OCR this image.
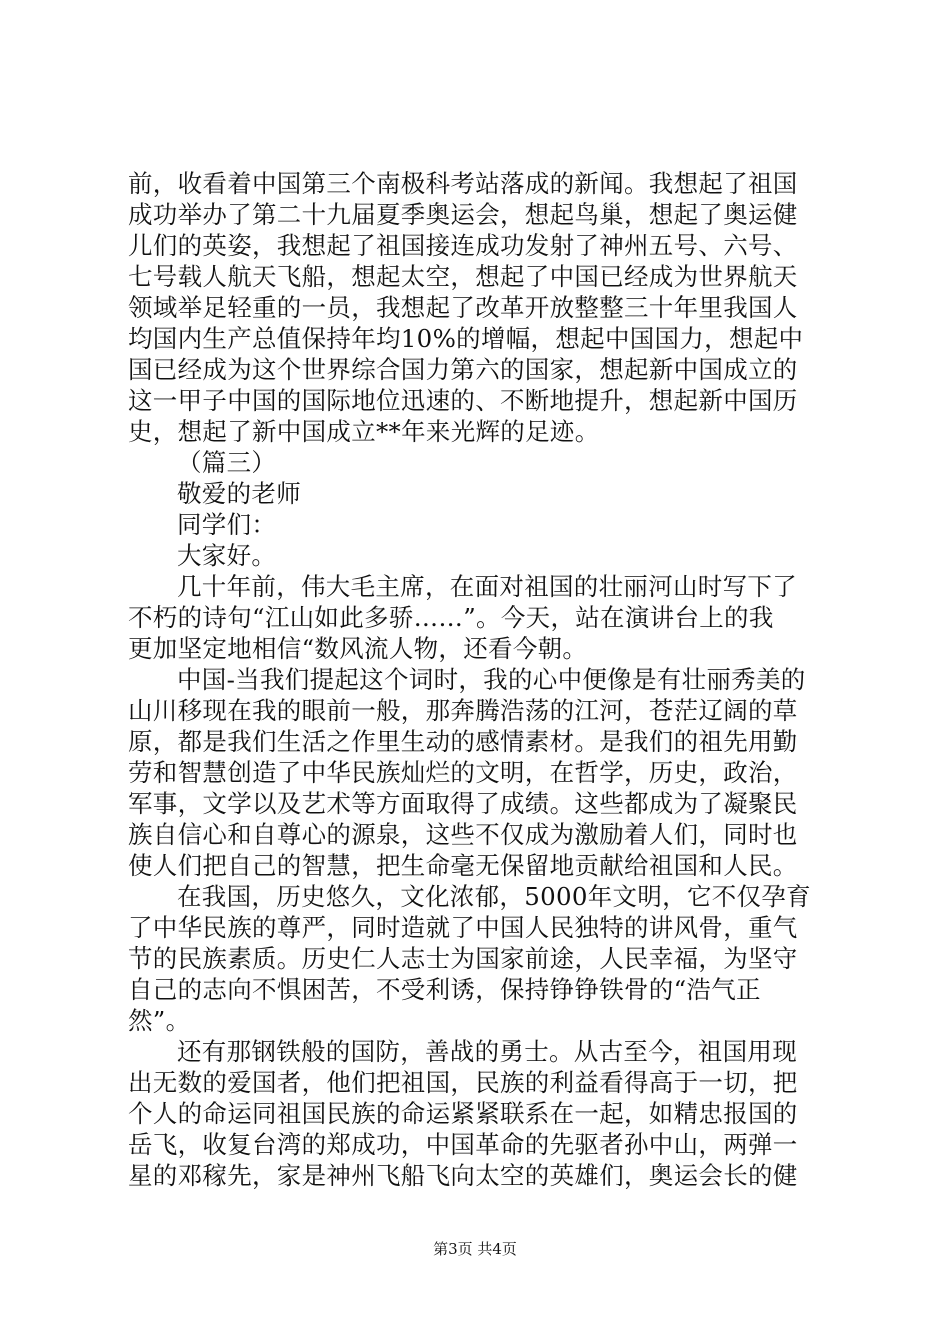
前，收看着中国第三个南极科考站落成的新闻。我想起了祖国
成功举办了第二十九届夏季奥运会，想起鸟巢，想起了奥运健
儿们的英姿，我想起了祖国接连成功发射了神州五号、六号、
七号载人航天飞船，想起太空，想起了中国已经成为世界航天
领域举足轻重的一员，我想起了改革开放整整三十年里我国人
均国内生产总值保持年均10%的增幅，想起中国国力，想起中
国已经成为这个世界综合国力第六的国家，想起新中国成立的
这一甲子中国的国际地位迅速的、不断地提升，想起新中国历
史，想起了新中国成立**年来光辉的足迹。
（篇三）
敬爱的老师
同学们：
大家好。
几十年前，伟大毛主席，在面对祖国的壮丽河山时写下了
不朽的诗句“江山如此多骄……”。今天，站在演讲台上的我
更加坚定地相信“数风流人物，还看今朝。
中国-当我们提起这个词时，我的心中便像是有壮丽秀美的
山川移现在我的眼前一般，那奔腾浩荡的江河，苍茫辽阔的草
原，都是我们生活之作里生动的感情素材。是我们的祖先用勤
劳和智慧创造了中华民族灿烂的文明，在哲学，历史，政治，
军事，文学以及艺术等方面取得了成绩。这些都成为了凝聚民
族自信心和自尊心的源泉，这些不仅成为激励着人们，同时也
使人们把自己的智慧，把生命毫无保留地贡献给祖国和人民。
在我国，历史悠久，文化浓郁，5000年文明，它不仅孕育
了中华民族的尊严，同时造就了中国人民独特的讲风骨，重气
节的民族素质。历史仁人志士为国家前途，人民幸福，为坚守
自己的志向不惧困苦，不受利诱，保持铮铮铁骨的“浩气正
然”。
还有那钢铁般的国防，善战的勇士。从古至今，祖国用现
出无数的爱国者，他们把祖国，民族的利益看得高于一切，把
个人的命运同祖国民族的命运紧紧联系在一起，如精忠报国的
岳飞，收复台湾的郑成功，中国革命的先驱者孙中山，两弹一
星的邓稼先，家是神州飞船飞向太空的英雄们，奥运会长的健
第3页 共4页
